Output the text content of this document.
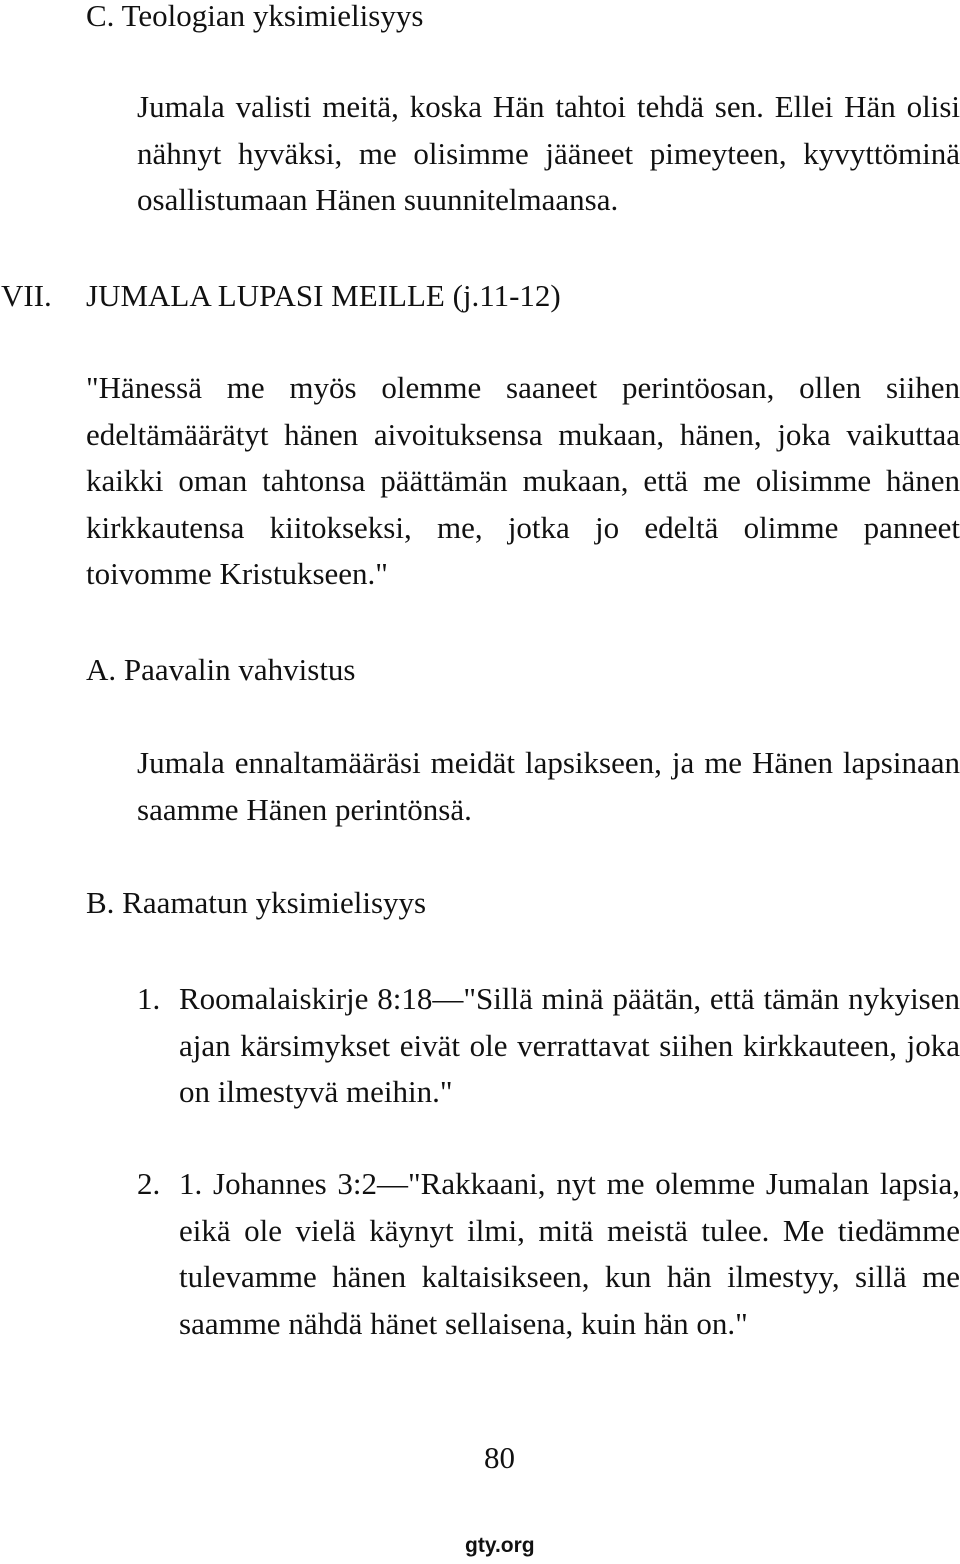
C. Teologian yksimielisyys
Jumala valisti meitä, koska Hän tahtoi tehdä sen. Ellei Hän olisi nähnyt hyväksi, me olisimme jääneet pimeyteen, kyvyttöminä osallistumaan Hänen suunnitelmaansa.
VII. JUMALA LUPASI MEILLE (j.11-12)
"Hänessä me myös olemme saaneet perintöosan, ollen siihen edeltämäärätyt hänen aivoituksensa mukaan, hänen, joka vaikuttaa kaikki oman tahtonsa päättämän mukaan, että me olisimme hänen kirkkautensa kiitokseksi, me, jotka jo edeltä olimme panneet toivomme Kristukseen."
A. Paavalin vahvistus
Jumala ennaltamääräsi meidät lapsikseen, ja me Hänen lapsinaan saamme Hänen perintönsä.
B. Raamatun yksimielisyys
1. Roomalaiskirje 8:18—"Sillä minä päätän, että tämän nykyisen ajan kärsimykset eivät ole verrattavat siihen kirkkauteen, joka on ilmestyvä meihin."
2. 1. Johannes 3:2—"Rakkaani, nyt me olemme Jumalan lapsia, eikä ole vielä käynyt ilmi, mitä meistä tulee. Me tiedämme tulevamme hänen kaltaisikseen, kun hän ilmestyy, sillä me saamme nähdä hänet sellaisena, kuin hän on."
80
gty.org
